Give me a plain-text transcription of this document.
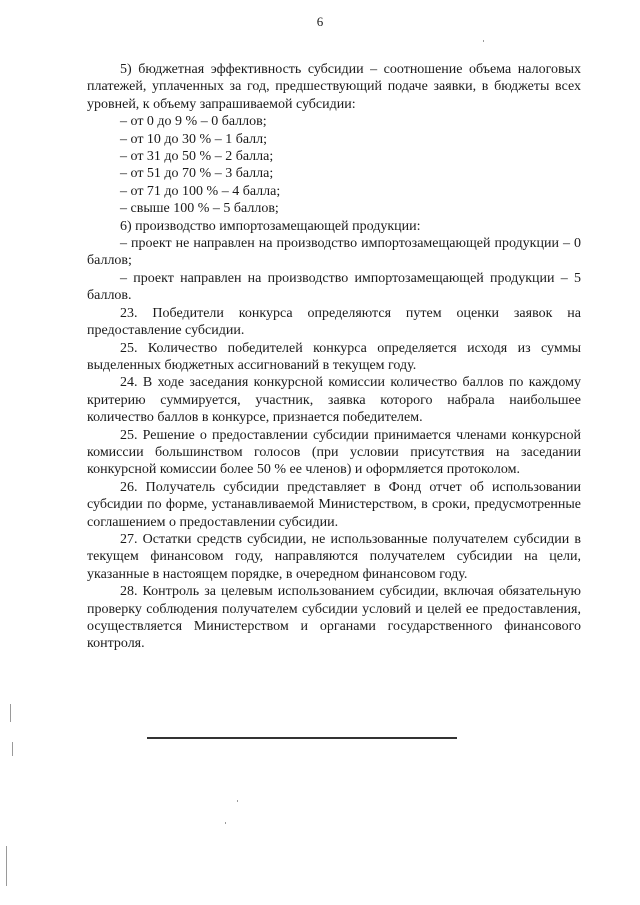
6

5) бюджетная эффективность субсидии – соотношение объема налоговых платежей, уплаченных за год, предшествующий подаче заявки, в бюджеты всех уровней, к объему запрашиваемой субсидии:

– от 0 до 9 % – 0 баллов;

– от 10 до 30 % – 1 балл;

– от 31 до 50 % – 2 балла;

– от 51 до 70 % – 3 балла;

– от 71 до 100 % – 4 балла;

– свыше 100 % – 5 баллов;

6) производство импортозамещающей продукции:

– проект не направлен на производство импортозамещающей продукции – 0 баллов;

– проект направлен на производство импортозамещающей продукции – 5 баллов.

23. Победители конкурса определяются путем оценки заявок на предоставление субсидии.

25. Количество победителей конкурса определяется исходя из суммы выделенных бюджетных ассигнований в текущем году.

24. В ходе заседания конкурсной комиссии количество баллов по каждому критерию суммируется, участник, заявка которого набрала наибольшее количество баллов в конкурсе, признается победителем.

25. Решение о предоставлении субсидии принимается членами конкурсной комиссии большинством голосов (при условии присутствия на заседании конкурсной комиссии более 50 % ее членов) и оформляется протоколом.

26. Получатель субсидии представляет в Фонд отчет об использовании субсидии по форме, устанавливаемой Министерством, в сроки, предусмотренные соглашением о предоставлении субсидии.

27. Остатки средств субсидии, не использованные получателем субсидии в текущем финансовом году, направляются получателем субсидии на цели, указанные в настоящем порядке, в очередном финансовом году.

28. Контроль за целевым использованием субсидии, включая обязательную проверку соблюдения получателем субсидии условий и целей ее предоставления, осуществляется Министерством и органами государственного финансового контроля.
